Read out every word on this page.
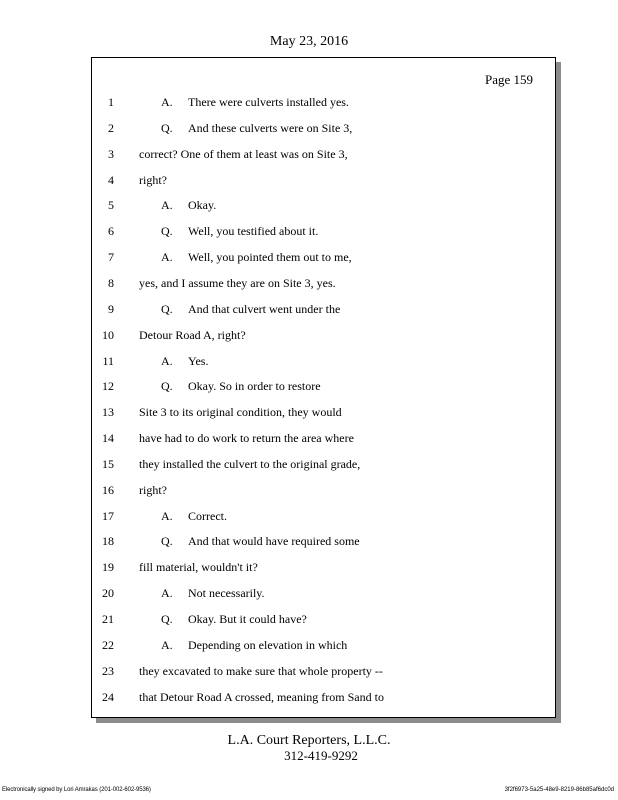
May 23, 2016
Page 159
1	A. There were culverts installed yes.
2	Q. And these culverts were on Site 3,
3 correct? One of them at least was on Site 3,
4 right?
5	A. Okay.
6	Q. Well, you testified about it.
7	A. Well, you pointed them out to me,
8 yes, and I assume they are on Site 3, yes.
9	Q. And that culvert went under the
10 Detour Road A, right?
11	A. Yes.
12	Q. Okay. So in order to restore
13 Site 3 to its original condition, they would
14 have had to do work to return the area where
15 they installed the culvert to the original grade,
16 right?
17	A. Correct.
18	Q. And that would have required some
19 fill material, wouldn't it?
20	A. Not necessarily.
21	Q. Okay. But it could have?
22	A. Depending on elevation in which
23 they excavated to make sure that whole property --
24 that Detour Road A crossed, meaning from Sand to
L.A. Court Reporters, L.L.C.
312-419-9292
Electronically signed by Lori Amrakas (201-002-602-9536)	3f2f6973-5a25-48e9-8219-86b85af6dc0d
